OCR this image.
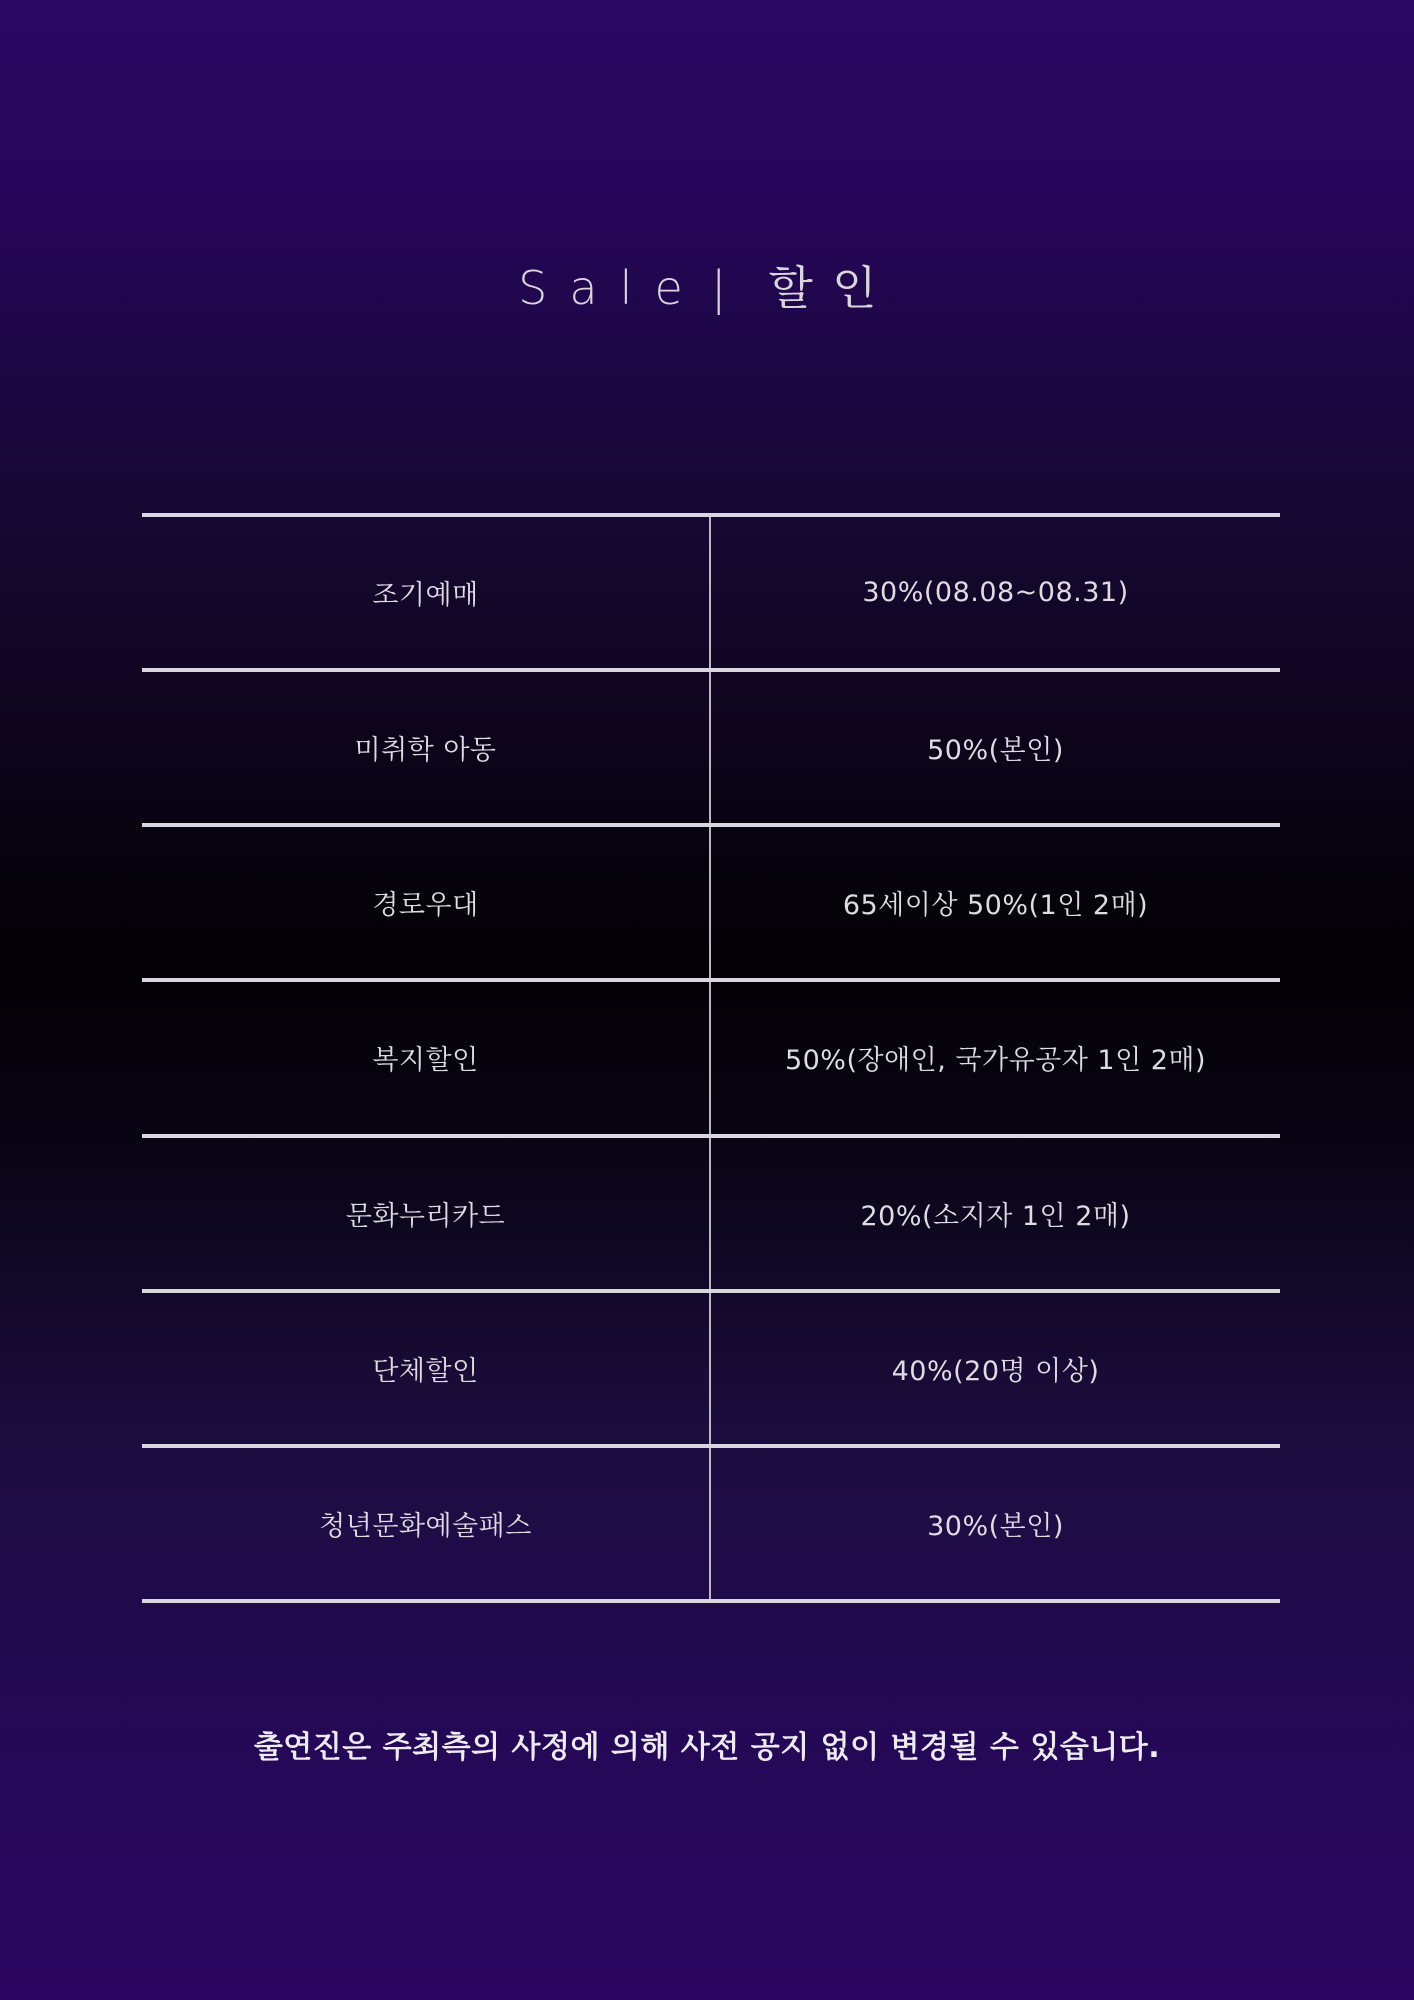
Sale | 할인
조기예매	30%(08.08~08.31)
미취학 아동	50%(본인)
경로우대	65세이상 50%(1인 2매)
복지할인	50%(장애인, 국가유공자 1인 2매)
문화누리카드	20%(소지자 1인 2매)
단체할인	40%(20명 이상)
청년문화예술패스	30%(본인)
출연진은 주최측의 사정에 의해 사전 공지 없이 변경될 수 있습니다.
